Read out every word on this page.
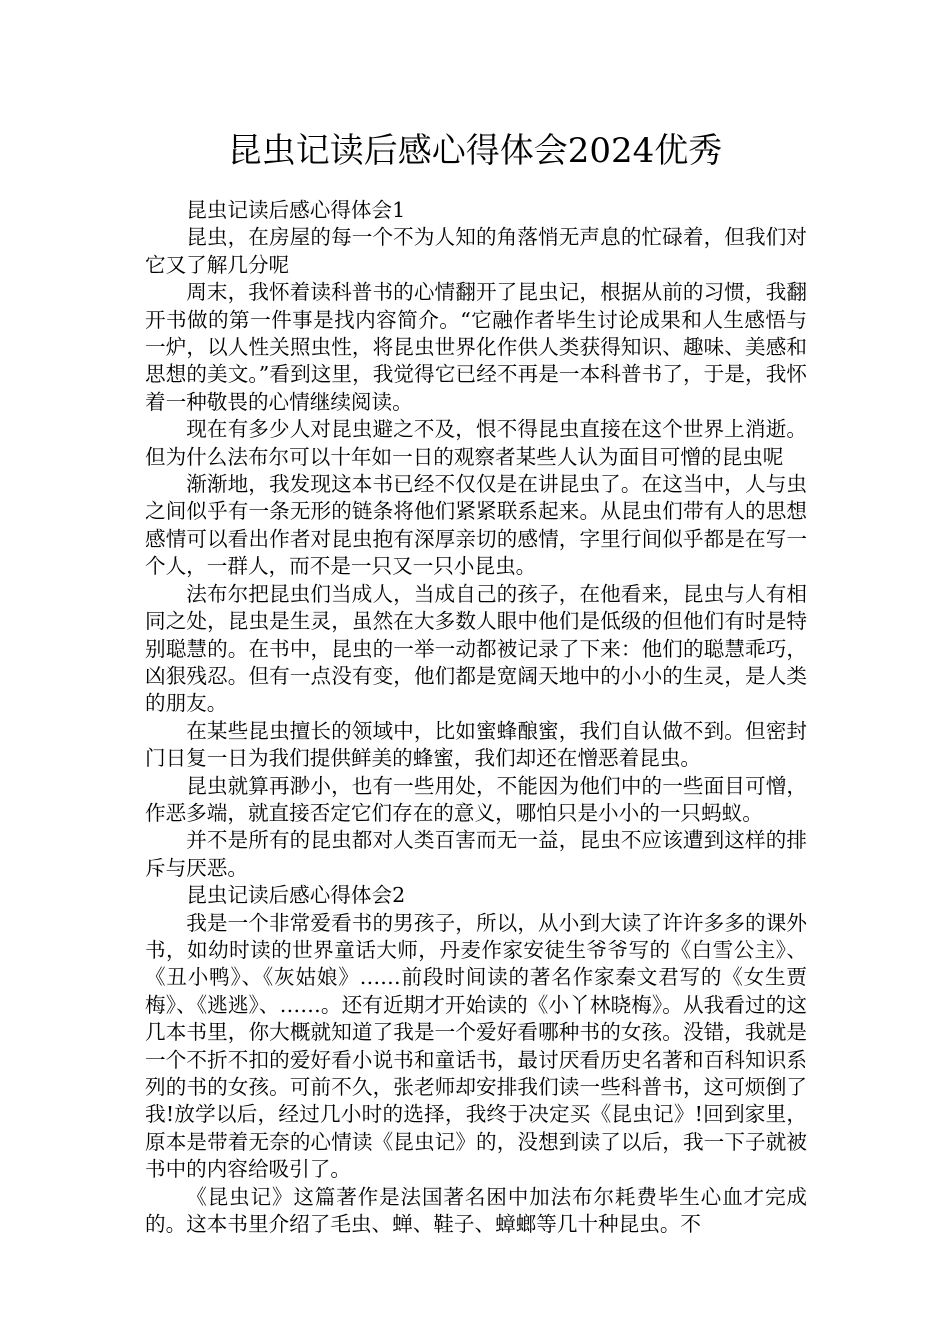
昆虫记读后感心得体会2024优秀

昆虫记读后感心得体会1

昆虫，在房屋的每一个不为人知的角落悄无声息的忙碌着，但我们对它又了解几分呢

周末，我怀着读科普书的心情翻开了昆虫记，根据从前的习惯，我翻开书做的第一件事是找内容简介。“它融作者毕生讨论成果和人生感悟与一炉，以人性关照虫性，将昆虫世界化作供人类获得知识、趣味、美感和思想的美文。”看到这里，我觉得它已经不再是一本科普书了，于是，我怀着一种敬畏的心情继续阅读。

现在有多少人对昆虫避之不及，恨不得昆虫直接在这个世界上消逝。但为什么法布尔可以十年如一日的观察者某些人认为面目可憎的昆虫呢

渐渐地，我发现这本书已经不仅仅是在讲昆虫了。在这当中，人与虫之间似乎有一条无形的链条将他们紧紧联系起来。从昆虫们带有人的思想感情可以看出作者对昆虫抱有深厚亲切的感情，字里行间似乎都是在写一个人，一群人，而不是一只又一只小昆虫。

法布尔把昆虫们当成人，当成自己的孩子，在他看来，昆虫与人有相同之处，昆虫是生灵，虽然在大多数人眼中他们是低级的但他们有时是特别聪慧的。在书中，昆虫的一举一动都被记录了下来：他们的聪慧乖巧，凶狠残忍。但有一点没有变，他们都是宽阔天地中的小小的生灵，是人类的朋友。

在某些昆虫擅长的领域中，比如蜜蜂酿蜜，我们自认做不到。但密封门日复一日为我们提供鲜美的蜂蜜，我们却还在憎恶着昆虫。

昆虫就算再渺小，也有一些用处，不能因为他们中的一些面目可憎，作恶多端，就直接否定它们存在的意义，哪怕只是小小的一只蚂蚁。

并不是所有的昆虫都对人类百害而无一益，昆虫不应该遭到这样的排斥与厌恶。

昆虫记读后感心得体会2

我是一个非常爱看书的男孩子，所以，从小到大读了许许多多的课外书，如幼时读的世界童话大师，丹麦作家安徒生爷爷写的《白雪公主》、《丑小鸭》、《灰姑娘》……前段时间读的著名作家秦文君写的《女生贾梅》、《逃逃》、……。还有近期才开始读的《小丫林晓梅》。从我看过的这几本书里，你大概就知道了我是一个爱好看哪种书的女孩。没错，我就是一个不折不扣的爱好看小说书和童话书，最讨厌看历史名著和百科知识系列的书的女孩。可前不久，张老师却安排我们读一些科普书，这可烦倒了我!放学以后，经过几小时的选择，我终于决定买《昆虫记》!回到家里，原本是带着无奈的心情读《昆虫记》的，没想到读了以后，我一下子就被书中的内容给吸引了。

《昆虫记》这篇著作是法国著名困中加法布尔耗费毕生心血才完成的。这本书里介绍了毛虫、蝉、鞋子、蟑螂等几十种昆虫。不
